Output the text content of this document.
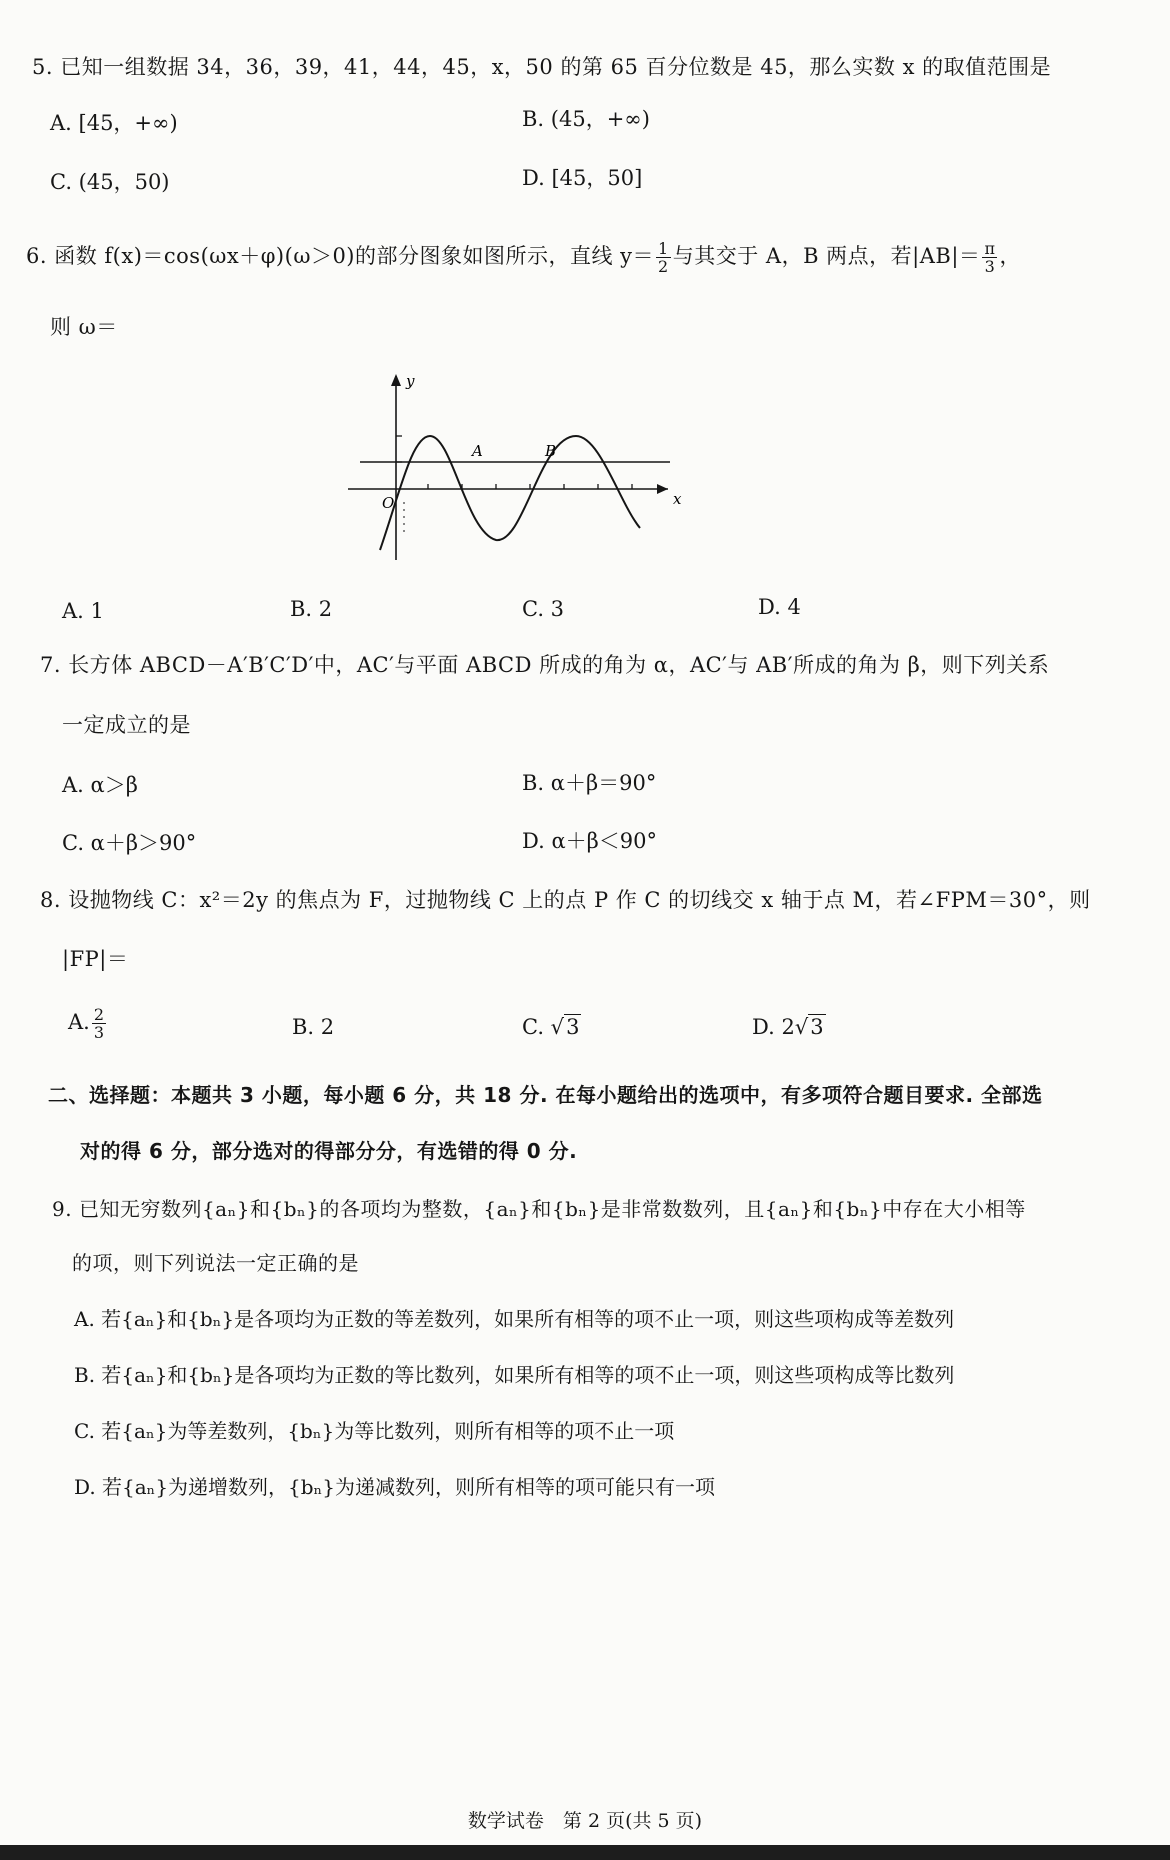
5. 已知一组数据 34，36，39，41，44，45，x，50 的第 65 百分位数是 45，那么实数 x 的取值范围是
A. [45，+∞)	B. (45，+∞)
C. (45，50)	D. [45，50]
6. 函数 f(x)＝cos(ωx＋φ)(ω＞0)的部分图象如图所示，直线 $y= \frac{1}{2}$ 与其交于 A，B 两点，若$|AB|= \frac{\pi}{3}$ ，
则 ω＝
y
x
O
A	B
A. 1	B. 2	C. 3	D. 4
7. 长方体 ABCD－A′B′C′D′中，AC′与平面 ABCD 所成的角为 α，AC′与 AB′所成的角为 β，则下列关系
一定成立的是
A. α＞β	B. α＋β＝90°
C. α＋β＞90°	D. α＋β＜90°
8. 设抛物线 C：x²＝2y 的焦点为 F，过抛物线 C 上的点 P 作 C 的切线交 x 轴于点 M，若∠FPM＝30°，则
|FP|＝
A. $\frac{2}{3}$	B. 2	C. √3	D. 2√3
二、选择题：本题共 3 小题，每小题 6 分，共 18 分. 在每小题给出的选项中，有多项符合题目要求. 全部选
对的得 6 分，部分选对的得部分分，有选错的得 0 分.
9. 已知无穷数列{aₙ}和{bₙ}的各项均为整数，{aₙ}和{bₙ}是非常数数列，且{aₙ}和{bₙ}中存在大小相等
的项，则下列说法一定正确的是
A. 若{aₙ}和{bₙ}是各项均为正数的等差数列，如果所有相等的项不止一项，则这些项构成等差数列
B. 若{aₙ}和{bₙ}是各项均为正数的等比数列，如果所有相等的项不止一项，则这些项构成等比数列
C. 若{aₙ}为等差数列，{bₙ}为等比数列，则所有相等的项不止一项
D. 若{aₙ}为递增数列，{bₙ}为递减数列，则所有相等的项可能只有一项
数学试卷　第 2 页(共 5 页)
